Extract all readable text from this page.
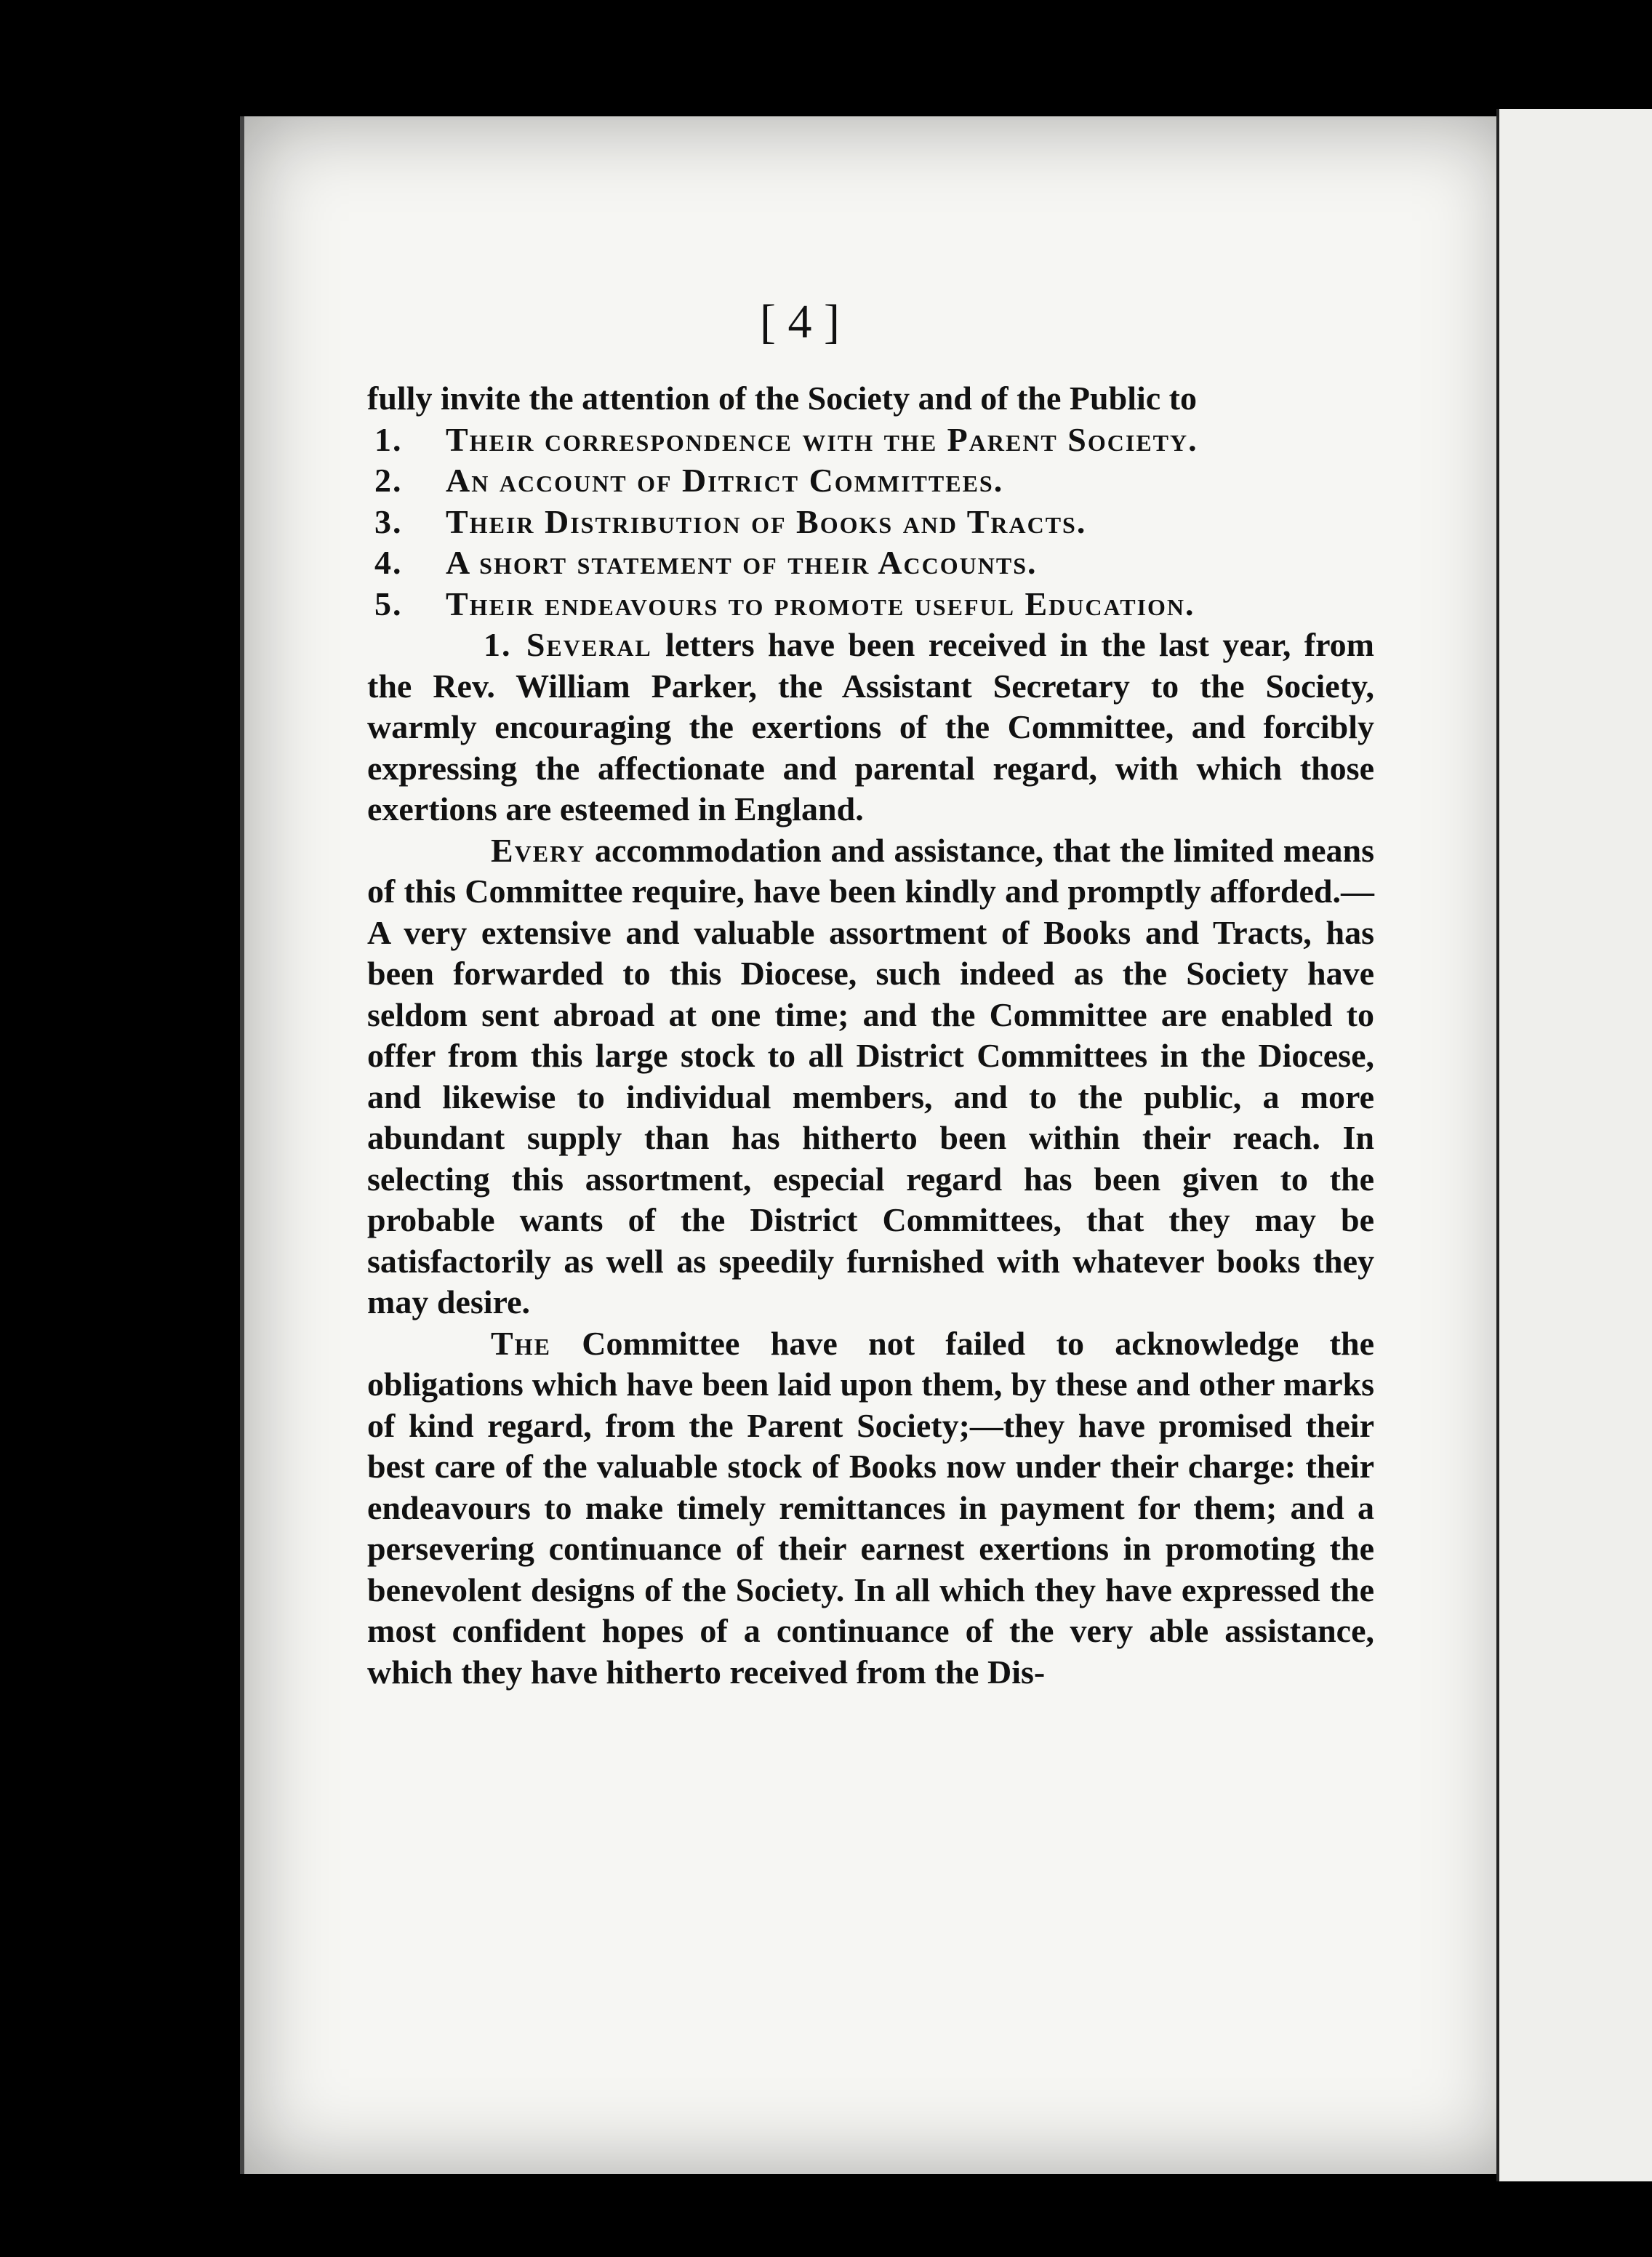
[ 4 ]
fully invite the attention of the Society and of the Public to
1. Their correspondence with the Parent Society.
2. An account of Ditrict Committees.
3. Their Distribution of Books and Tracts.
4. A short statement of their Accounts.
5. Their endeavours to promote useful Education.

1. Several letters have been received in the last year, from the Rev. William Parker, the Assistant Secretary to the Society, warmly encouraging the exertions of the Committee, and forcibly expressing the affectionate and parental regard, with which those exertions are esteemed in England.

Every accommodation and assistance, that the limited means of this Committee require, have been kindly and promptly afforded.—A very extensive and valuable assortment of Books and Tracts, has been forwarded to this Diocese, such indeed as the Society have seldom sent abroad at one time; and the Committee are enabled to offer from this large stock to all District Committees in the Diocese, and likewise to individual members, and to the public, a more abundant supply than has hitherto been within their reach. In selecting this assortment, especial regard has been given to the probable wants of the District Committees, that they may be satisfactorily as well as speedily furnished with whatever books they may desire.

The Committee have not failed to acknowledge the obligations which have been laid upon them, by these and other marks of kind regard, from the Parent Society;—they have promised their best care of the valuable stock of Books now under their charge: their endeavours to make timely remittances in payment for them; and a persevering continuance of their earnest exertions in promoting the benevolent designs of the Society. In all which they have expressed the most confident hopes of a continuance of the very able assistance, which they have hitherto received from the Dis-
